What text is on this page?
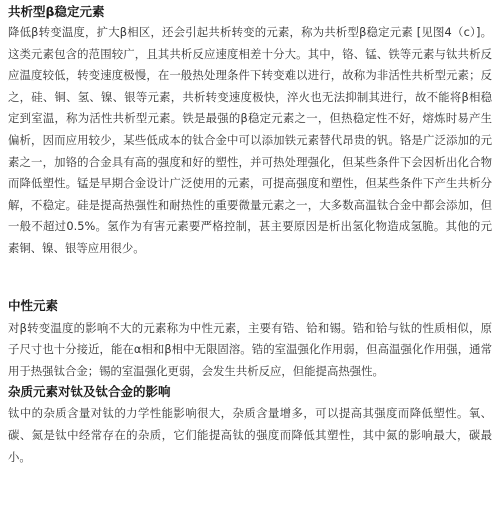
共析型β稳定元素

降低β转变温度，扩大β相区，还会引起共析转变的元素，称为共析型β稳定元素 [见图4（c）]。这类元素包含的范围较广，且其共析反应速度相差十分大。其中，铬、锰、铁等元素与钛共析反应温度较低，转变速度极慢，在一般热处理条件下转变难以进行，故称为非活性共析型元素；反之，硅、铜、氢、镍、银等元素，共析转变速度极快，淬火也无法抑制其进行，故不能将β相稳定到室温，称为活性共析型元素。铁是最强的β稳定元素之一，但热稳定性不好，熔炼时易产生偏析，因而应用较少，某些低成本的钛合金中可以添加铁元素替代昂贵的钒。铬是广泛添加的元素之一，加铬的合金具有高的强度和好的塑性，并可热处理强化，但某些条件下会因析出化合物而降低塑性。锰是早期合金设计广泛使用的元素，可提高强度和塑性，但某些条件下产生共析分解，不稳定。硅是提高热强性和耐热性的重要微量元素之一，大多数高温钛合金中都会添加，但一般不超过0.5%。氢作为有害元素要严格控制，甚主要原因是析出氢化物造成氢脆。其他的元素铜、镍、银等应用很少。

中性元素

对β转变温度的影响不大的元素称为中性元素，主要有锆、铪和锡。锆和铪与钛的性质相似，原子尺寸也十分接近，能在α相和β相中无限固溶。锆的室温强化作用弱，但高温强化作用强，通常用于热强钛合金；锡的室温强化更弱，会发生共析反应，但能提高热强性。

杂质元素对钛及钛合金的影响

钛中的杂质含量对钛的力学性能影响很大，杂质含量增多，可以提高其强度而降低塑性。氧、碳、氮是钛中经常存在的杂质，它们能提高钛的强度而降低其塑性，其中氮的影响最大，碳最小。
